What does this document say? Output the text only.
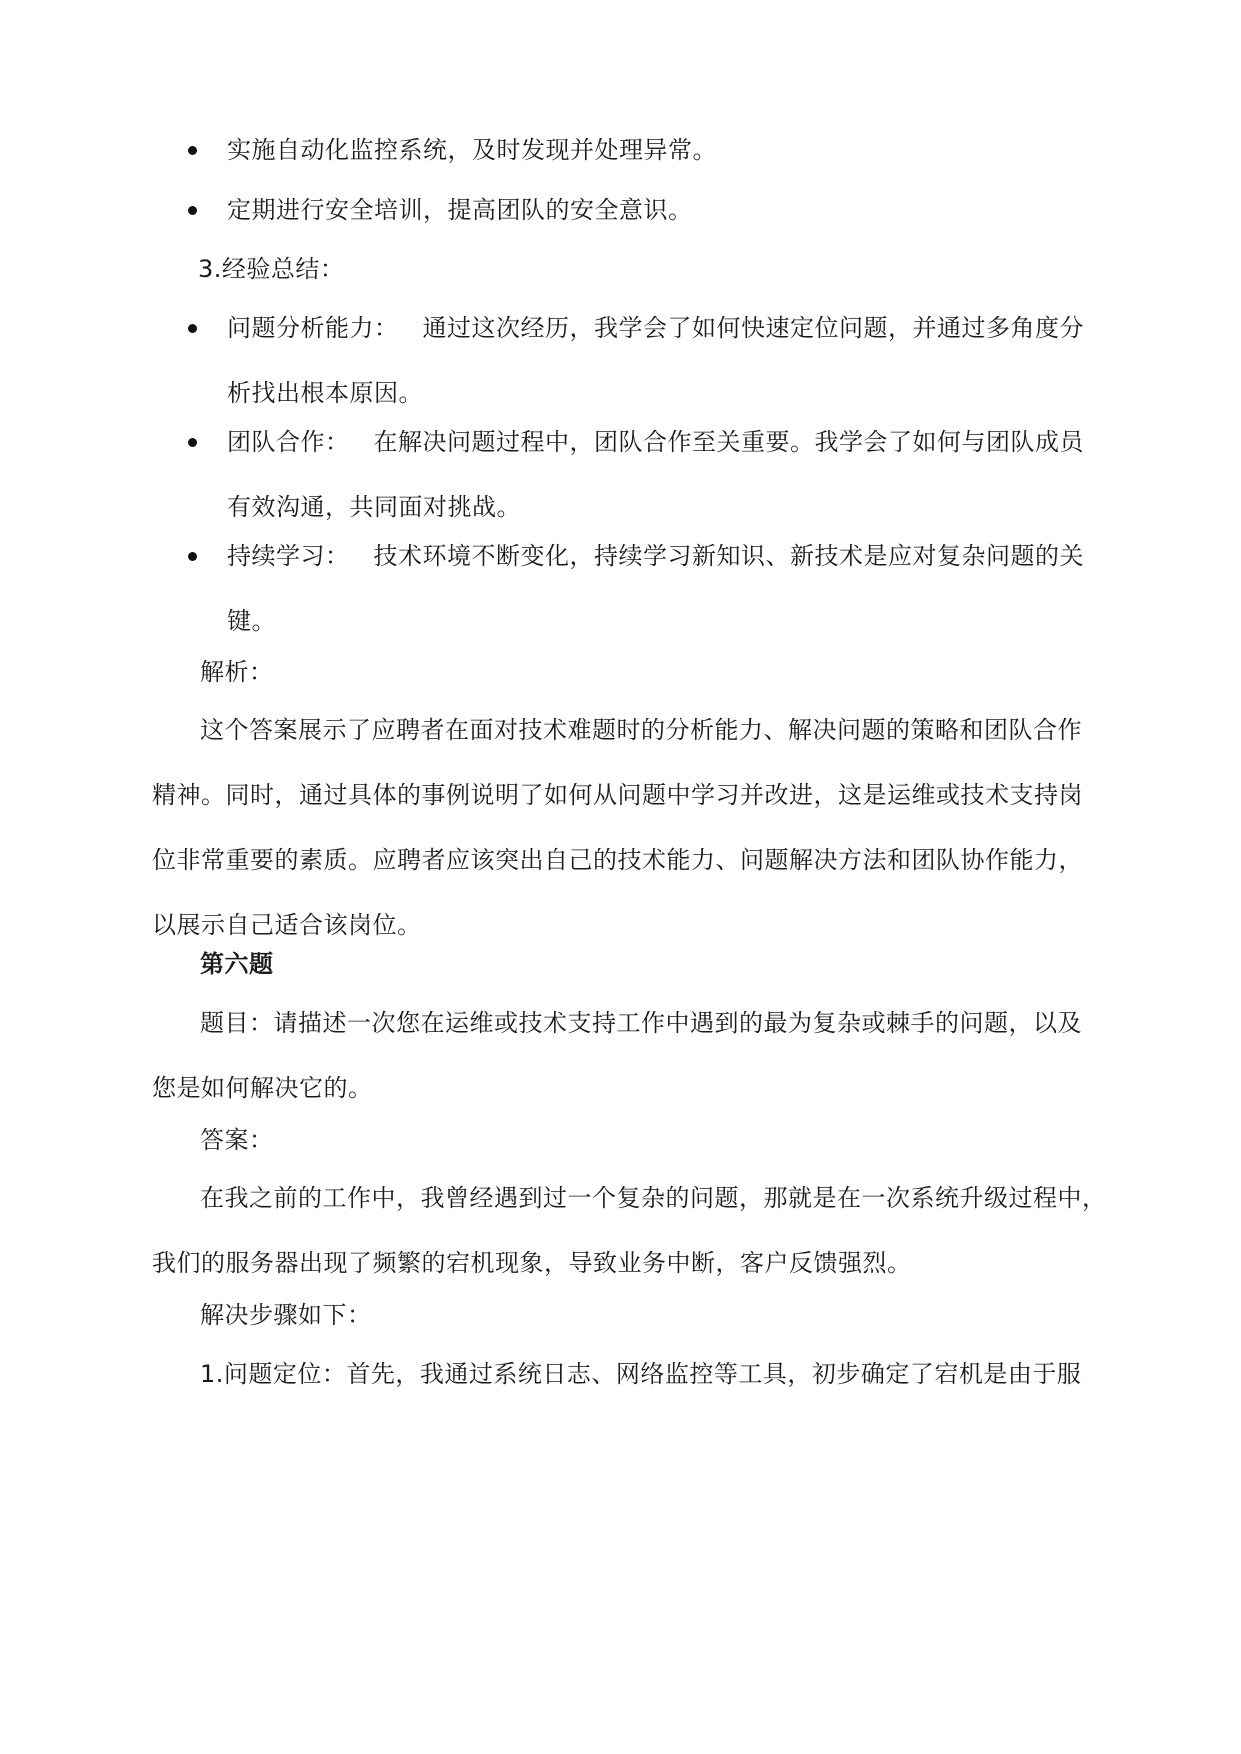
实施自动化监控系统，及时发现并处理异常。
定期进行安全培训，提高团队的安全意识。
3.经验总结：
问题分析能力： 通过这次经历，我学会了如何快速定位问题，并通过多角度分
析找出根本原因。
团队合作： 在解决问题过程中，团队合作至关重要。我学会了如何与团队成员
有效沟通，共同面对挑战。
持续学习： 技术环境不断变化，持续学习新知识、新技术是应对复杂问题的关
键。
解析：
这个答案展示了应聘者在面对技术难题时的分析能力、解决问题的策略和团队合作
精神。同时，通过具体的事例说明了如何从问题中学习并改进，这是运维或技术支持岗
位非常重要的素质。应聘者应该突出自己的技术能力、问题解决方法和团队协作能力，
以展示自己适合该岗位。
第六题
题目：请描述一次您在运维或技术支持工作中遇到的最为复杂或棘手的问题，以及
您是如何解决它的。
答案：
在我之前的工作中，我曾经遇到过一个复杂的问题，那就是在一次系统升级过程中，
我们的服务器出现了频繁的宕机现象，导致业务中断，客户反馈强烈。
解决步骤如下：
1.问题定位：首先，我通过系统日志、网络监控等工具，初步确定了宕机是由于服
